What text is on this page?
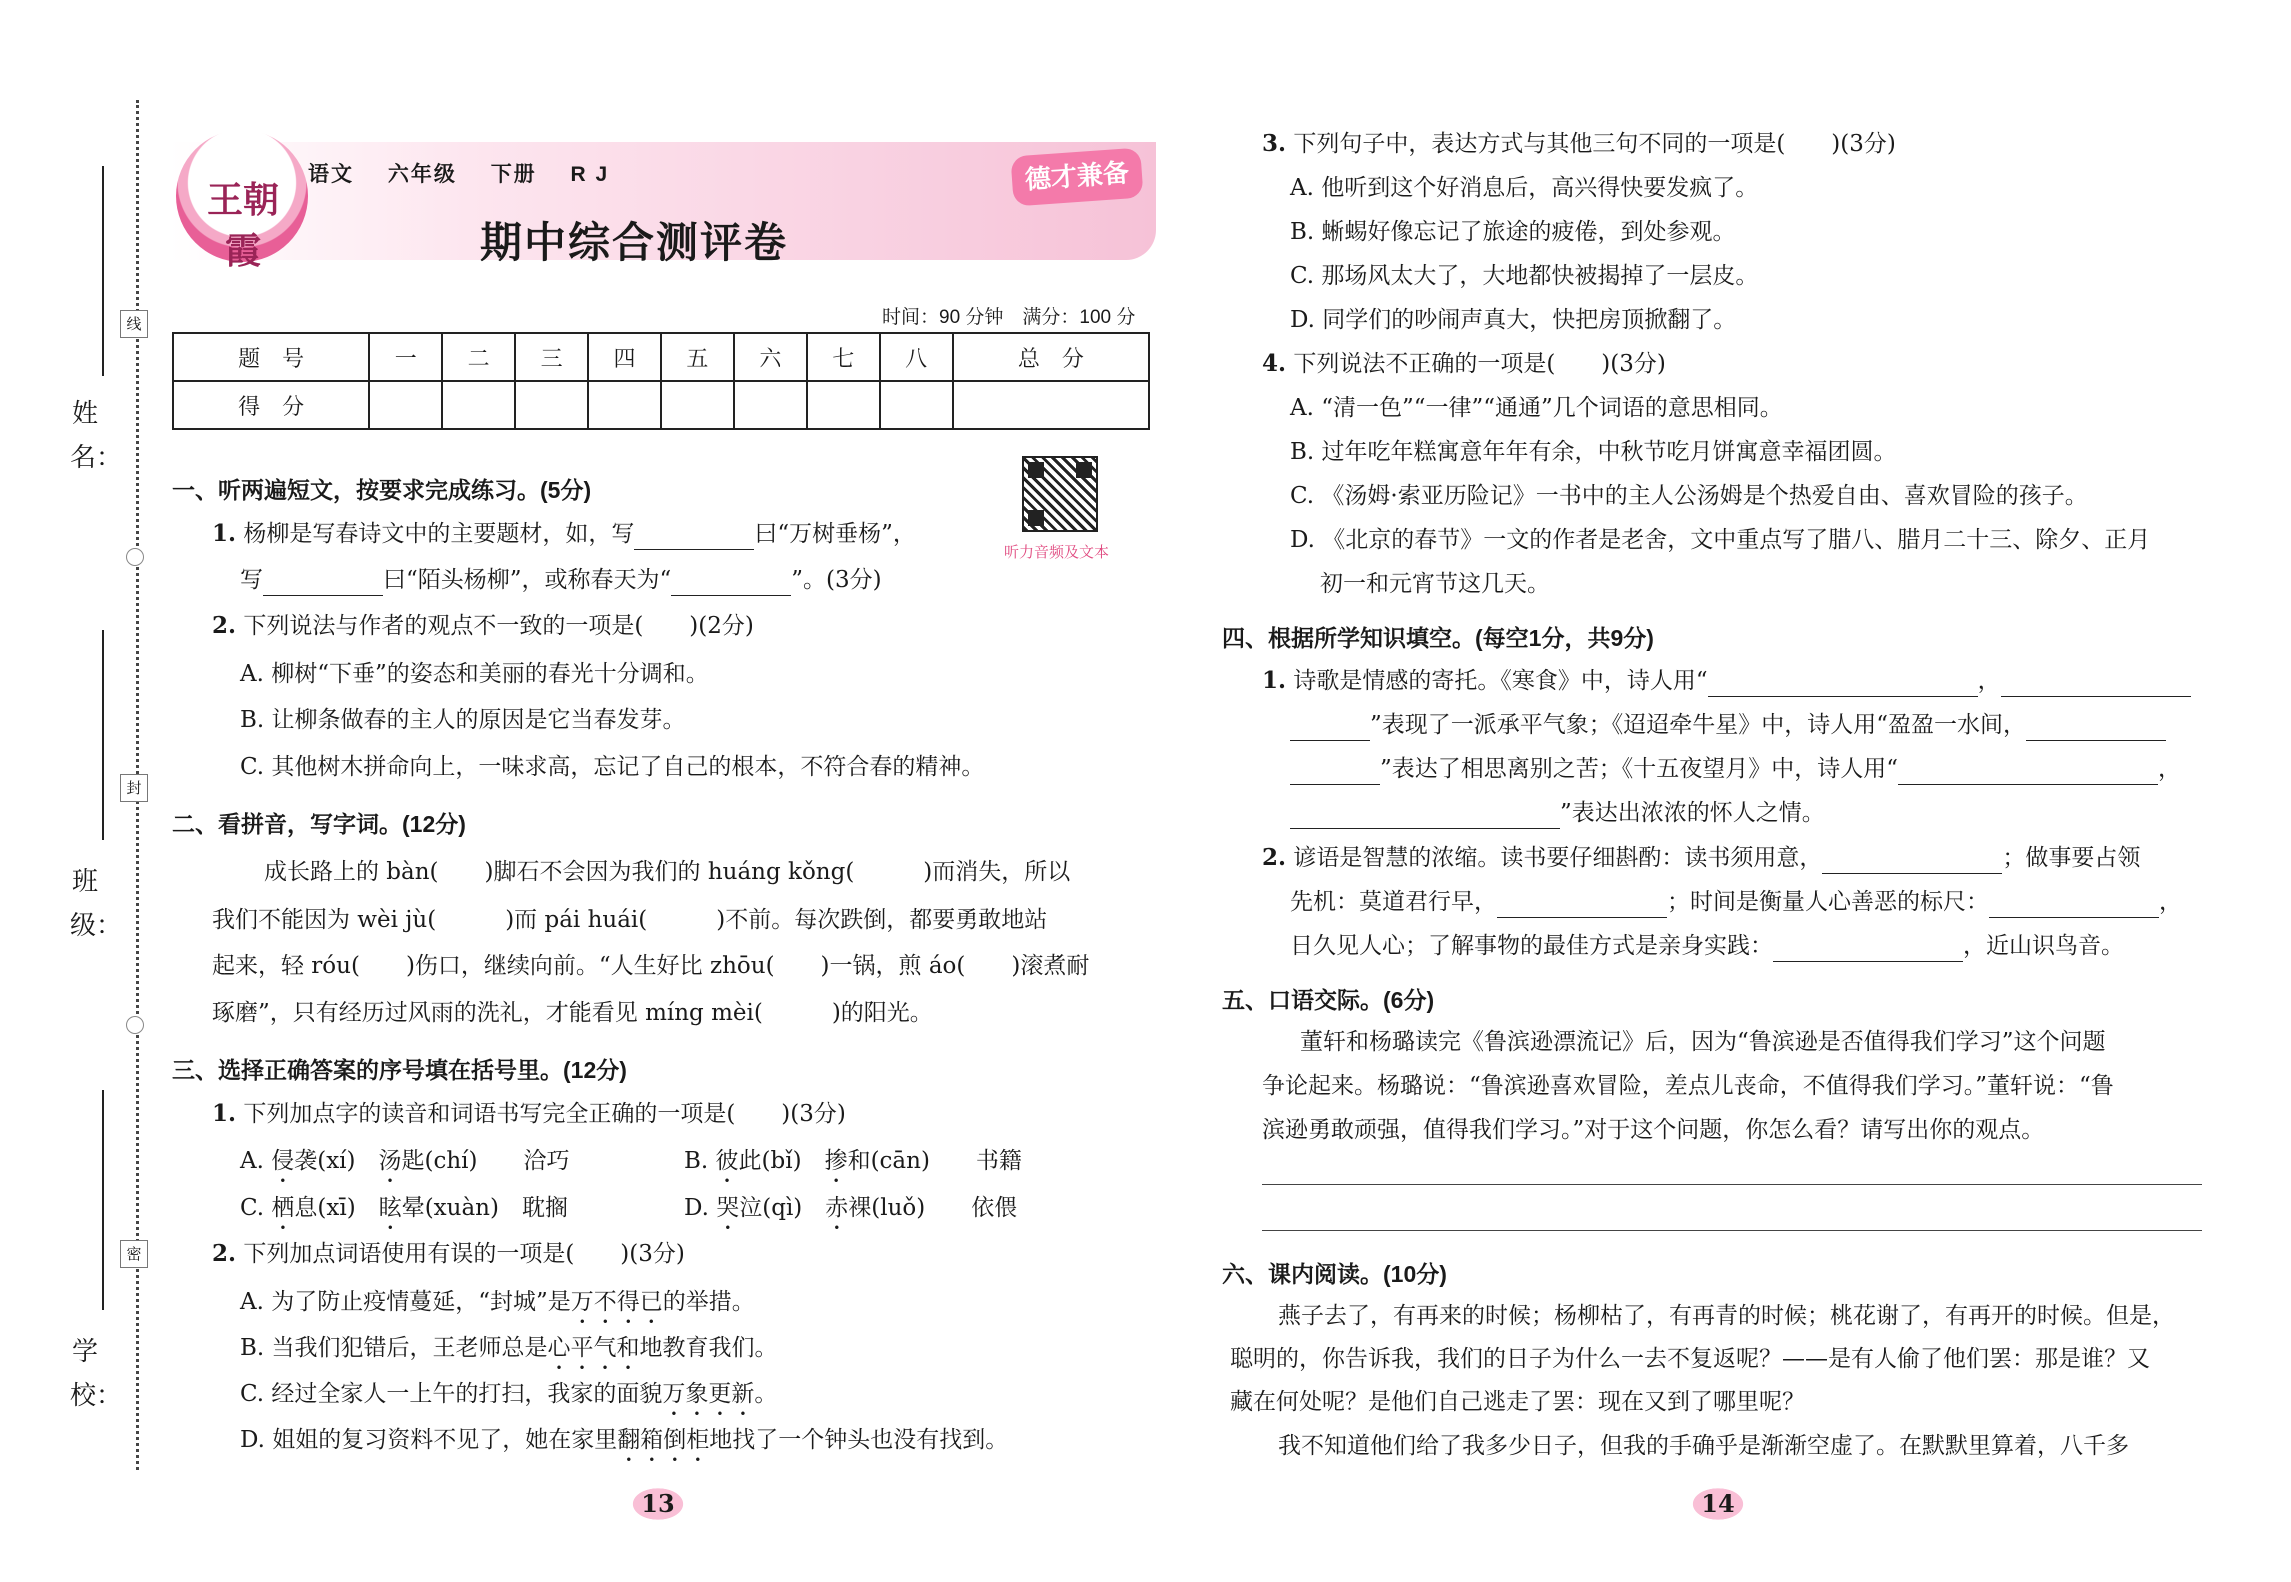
线
封
密
姓
名：
班
级：
学
校：
王朝霞
语文 六年级 下册 R J	德才兼备
期中综合测评卷
时间：90 分钟　满分：100 分
题　号	一	二	三	四	五	六	七	八	总　分
得　分									
听力音频及文本
一、听两遍短文，按要求完成练习。(5分)
1. 杨柳是写春诗文中的主要题材，如，写	曰“万树垂杨”，
写	曰“陌头杨柳”，或称春天为“	”。(3分)
2. 下列说法与作者的观点不一致的一项是(　　)(2分)
A. 柳树“下垂”的姿态和美丽的春光十分调和。
B. 让柳条做春的主人的原因是它当春发芽。
C. 其他树木拼命向上，一味求高，忘记了自己的根本，不符合春的精神。
二、看拼音，写字词。(12分)
成长路上的 bàn(　　)脚石不会因为我们的 huáng kǒng(　　　)而消失，所以
我们不能因为 wèi jù(　　　)而 pái huái(　　　)不前。每次跌倒，都要勇敢地站
起来，轻 róu(　　)伤口，继续向前。“人生好比 zhōu(　　)一锅，煎 áo(　　)滚煮耐
琢磨”，只有经历过风雨的洗礼，才能看见 míng mèi(　　　)的阳光。
三、选择正确答案的序号填在括号里。(12分)
1. 下列加点字的读音和词语书写完全正确的一项是(　　)(3分)
A. 侵袭(xí)　汤匙(chí)　　洽巧	B. 彼此(bǐ)　掺和(cān)　　书籍
C. 栖息(xī)　眩晕(xuàn)　耽搁	D. 哭泣(qì)　赤裸(luǒ)　　依偎
2. 下列加点词语使用有误的一项是(　　)(3分)
A. 为了防止疫情蔓延，“封城”是万不得已的举措。
B. 当我们犯错后，王老师总是心平气和地教育我们。
C. 经过全家人一上午的打扫，我家的面貌万象更新。
D. 姐姐的复习资料不见了，她在家里翻箱倒柜地找了一个钟头也没有找到。
13
3. 下列句子中，表达方式与其他三句不同的一项是(　　)(3分)
A. 他听到这个好消息后，高兴得快要发疯了。
B. 蜥蜴好像忘记了旅途的疲倦，到处参观。
C. 那场风太大了，大地都快被揭掉了一层皮。
D. 同学们的吵闹声真大，快把房顶掀翻了。
4. 下列说法不正确的一项是(　　)(3分)
A. “清一色”“一律”“通通”几个词语的意思相同。
B. 过年吃年糕寓意年年有余，中秋节吃月饼寓意幸福团圆。
C. 《汤姆·索亚历险记》一书中的主人公汤姆是个热爱自由、喜欢冒险的孩子。
D. 《北京的春节》一文的作者是老舍，文中重点写了腊八、腊月二十三、除夕、正月
初一和元宵节这几天。
四、根据所学知识填空。(每空1分，共9分)
1. 诗歌是情感的寄托。《寒食》中，诗人用“	，
”表现了一派承平气象；《迢迢牵牛星》中，诗人用“盈盈一水间，
”表达了相思离别之苦；《十五夜望月》中，诗人用“	，
”表达出浓浓的怀人之情。
2. 谚语是智慧的浓缩。读书要仔细斟酌：读书须用意，	；做事要占领
先机：莫道君行早，	；时间是衡量人心善恶的标尺：	，
日久见人心；了解事物的最佳方式是亲身实践：	，近山识鸟音。
五、口语交际。(6分)
董轩和杨璐读完《鲁滨逊漂流记》后，因为“鲁滨逊是否值得我们学习”这个问题
争论起来。杨璐说：“鲁滨逊喜欢冒险，差点儿丧命，不值得我们学习。”董轩说：“鲁
滨逊勇敢顽强，值得我们学习。”对于这个问题，你怎么看？请写出你的观点。
六、课内阅读。(10分)
燕子去了，有再来的时候；杨柳枯了，有再青的时候；桃花谢了，有再开的时候。但是，
聪明的，你告诉我，我们的日子为什么一去不复返呢？——是有人偷了他们罢：那是谁？又
藏在何处呢？是他们自己逃走了罢：现在又到了哪里呢？
我不知道他们给了我多少日子，但我的手确乎是渐渐空虚了。在默默里算着，八千多
14
